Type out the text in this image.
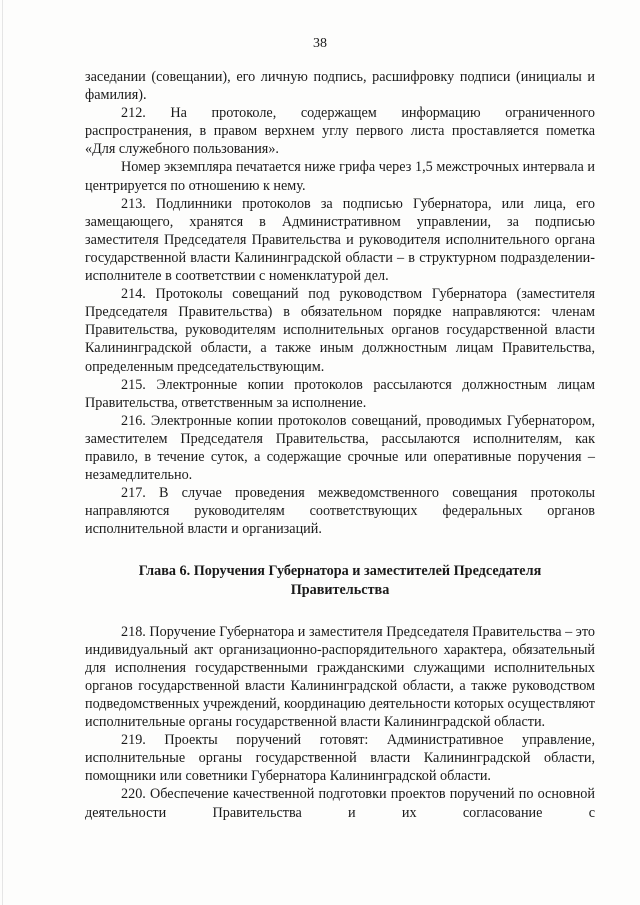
38

заседании (совещании), его личную подпись, расшифровку подписи (инициалы и фамилия).

212. На протоколе, содержащем информацию ограниченного распространения, в правом верхнем углу первого листа проставляется пометка «Для служебного пользования».

Номер экземпляра печатается ниже грифа через 1,5 межстрочных интервала и центрируется по отношению к нему.

213. Подлинники протоколов за подписью Губернатора, или лица, его замещающего, хранятся в Административном управлении, за подписью заместителя Председателя Правительства и руководителя исполнительного органа государственной власти Калининградской области – в структурном подразделении-исполнителе в соответствии с номенклатурой дел.

214. Протоколы совещаний под руководством Губернатора (заместителя Председателя Правительства) в обязательном порядке направляются: членам Правительства, руководителям исполнительных органов государственной власти Калининградской области, а также иным должностным лицам Правительства, определенным председательствующим.

215. Электронные копии протоколов рассылаются должностным лицам Правительства, ответственным за исполнение.

216. Электронные копии протоколов совещаний, проводимых Губернатором, заместителем Председателя Правительства, рассылаются исполнителям, как правило, в течение суток, а содержащие срочные или оперативные поручения – незамедлительно.

217. В случае проведения межведомственного совещания протоколы направляются руководителям соответствующих федеральных органов исполнительной власти и организаций.

Глава 6. Поручения Губернатора и заместителей Председателя Правительства

218. Поручение Губернатора и заместителя Председателя Правительства – это индивидуальный акт организационно-распорядительного характера, обязательный для исполнения государственными гражданскими служащими исполнительных органов государственной власти Калининградской области, а также руководством подведомственных учреждений, координацию деятельности которых осуществляют исполнительные органы государственной власти Калининградской области.

219. Проекты поручений готовят: Административное управление, исполнительные органы государственной власти Калининградской области, помощники или советники Губернатора Калининградской области.

220. Обеспечение качественной подготовки проектов поручений по основной деятельности Правительства и их согласование с
